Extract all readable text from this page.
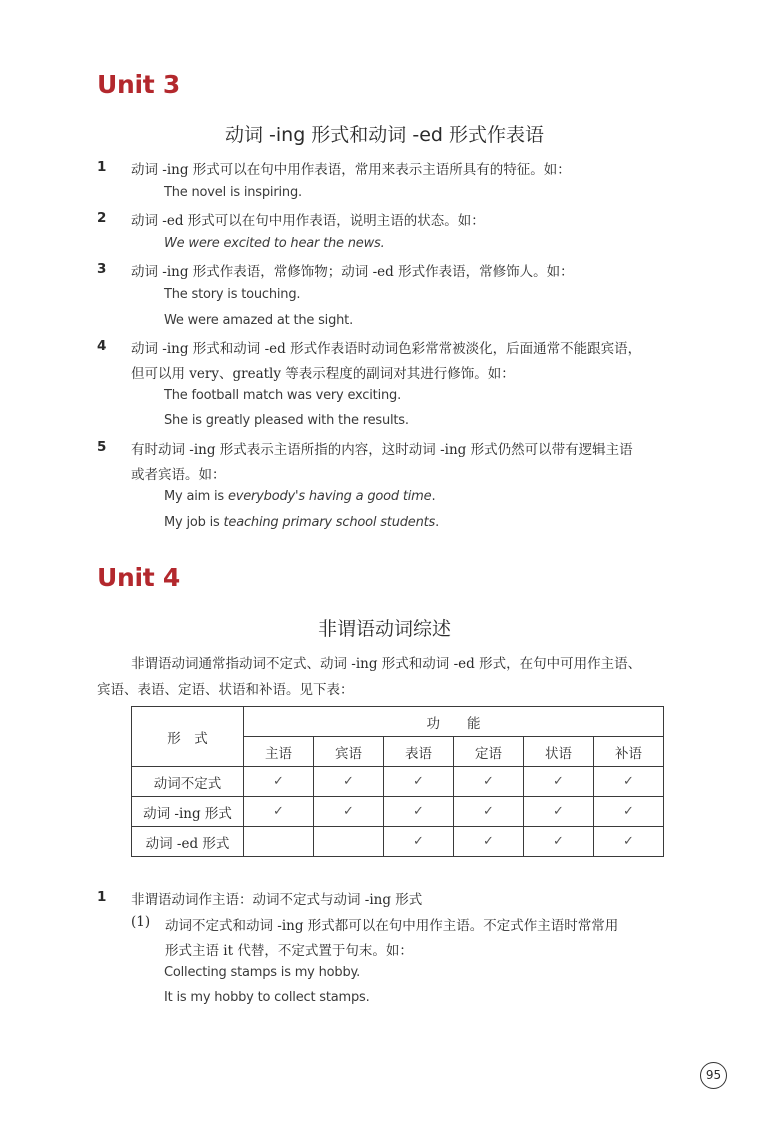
Unit 3
动词 -ing 形式和动词 -ed 形式作表语
1 动词 -ing 形式可以在句中用作表语，常用来表示主语所具有的特征。如：
The novel is inspiring.
2 动词 -ed 形式可以在句中用作表语，说明主语的状态。如：
We were excited to hear the news.
3 动词 -ing 形式作表语，常修饰物；动词 -ed 形式作表语，常修饰人。如：
The story is touching.
We were amazed at the sight.
4 动词 -ing 形式和动词 -ed 形式作表语时动词色彩常常被淡化，后面通常不能跟宾语，
但可以用 very、greatly 等表示程度的副词对其进行修饰。如：
The football match was very exciting.
She is greatly pleased with the results.
5 有时动词 -ing 形式表示主语所指的内容，这时动词 -ing 形式仍然可以带有逻辑主语
或者宾语。如：
My aim is everybody's having a good time.
My job is teaching primary school students.
Unit 4
非谓语动词综述
非谓语动词通常指动词不定式、动词 -ing 形式和动词 -ed 形式，在句中可用作主语、
宾语、表语、定语、状语和补语。见下表：
形　式	功　　能					
	主语	宾语	表语	定语	状语	补语
动词不定式	✓	✓	✓	✓	✓	✓
动词 -ing 形式	✓	✓	✓	✓	✓	✓
动词 -ed 形式			✓	✓	✓	✓
1 非谓语动词作主语：动词不定式与动词 -ing 形式
(1) 动词不定式和动词 -ing 形式都可以在句中用作主语。不定式作主语时常常用
形式主语 it 代替，不定式置于句末。如：
Collecting stamps is my hobby.
It is my hobby to collect stamps.
95
